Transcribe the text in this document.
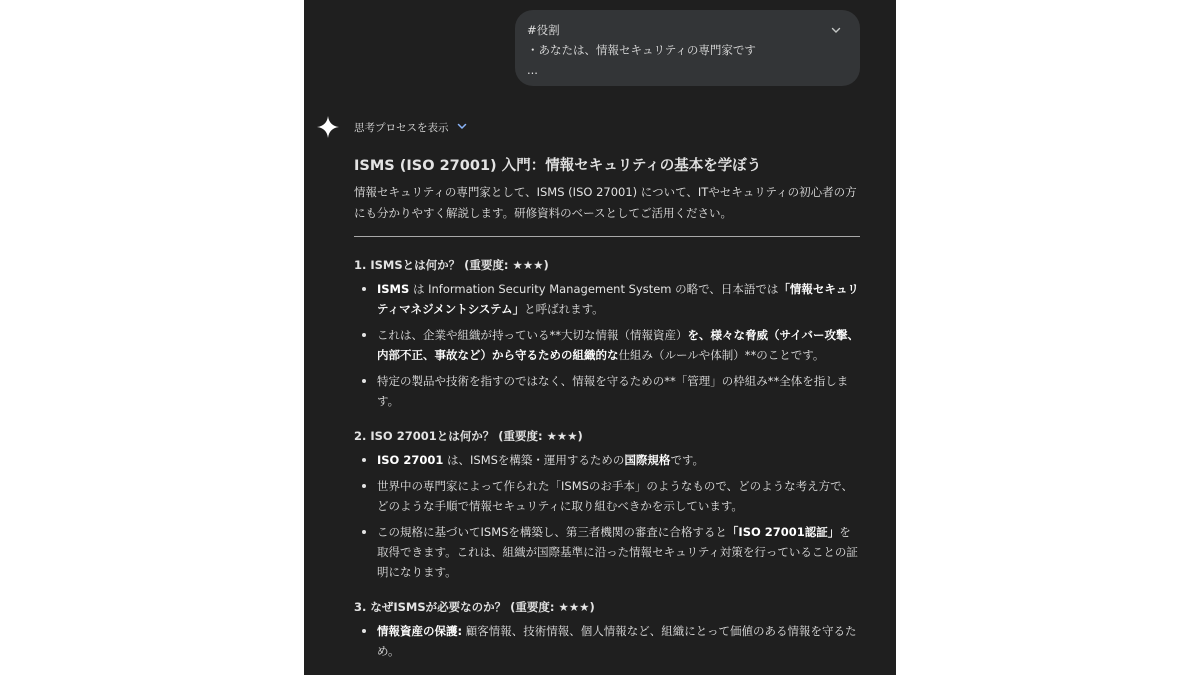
#役割
・あなたは、情報セキュリティの専門家です
...
思考プロセスを表示
ISMS (ISO 27001) 入門：情報セキュリティの基本を学ぼう

情報セキュリティの専門家として、ISMS (ISO 27001) について、ITやセキュリティの初心者の方にも分かりやすく解説します。研修資料のベースとしてご活用ください。

1. ISMSとは何か？ (重要度: ★★★)
ISMS は Information Security Management System の略で、日本語では「情報セキュリティマネジメントシステム」と呼ばれます。
これは、企業や組織が持っている**大切な情報（情報資産）を、様々な脅威（サイバー攻撃、内部不正、事故など）から守るための組織的な仕組み（ルールや体制）**のことです。
特定の製品や技術を指すのではなく、情報を守るための**「管理」の枠組み**全体を指します。
2. ISO 27001とは何か？ (重要度: ★★★)
ISO 27001 は、ISMSを構築・運用するための国際規格です。
世界中の専門家によって作られた「ISMSのお手本」のようなもので、どのような考え方で、どのような手順で情報セキュリティに取り組むべきかを示しています。
この規格に基づいてISMSを構築し、第三者機関の審査に合格すると「ISO 27001認証」を取得できます。これは、組織が国際基準に沿った情報セキュリティ対策を行っていることの証明になります。
3. なぜISMSが必要なのか？ (重要度: ★★★)
情報資産の保護: 顧客情報、技術情報、個人情報など、組織にとって価値のある情報を守るため。
